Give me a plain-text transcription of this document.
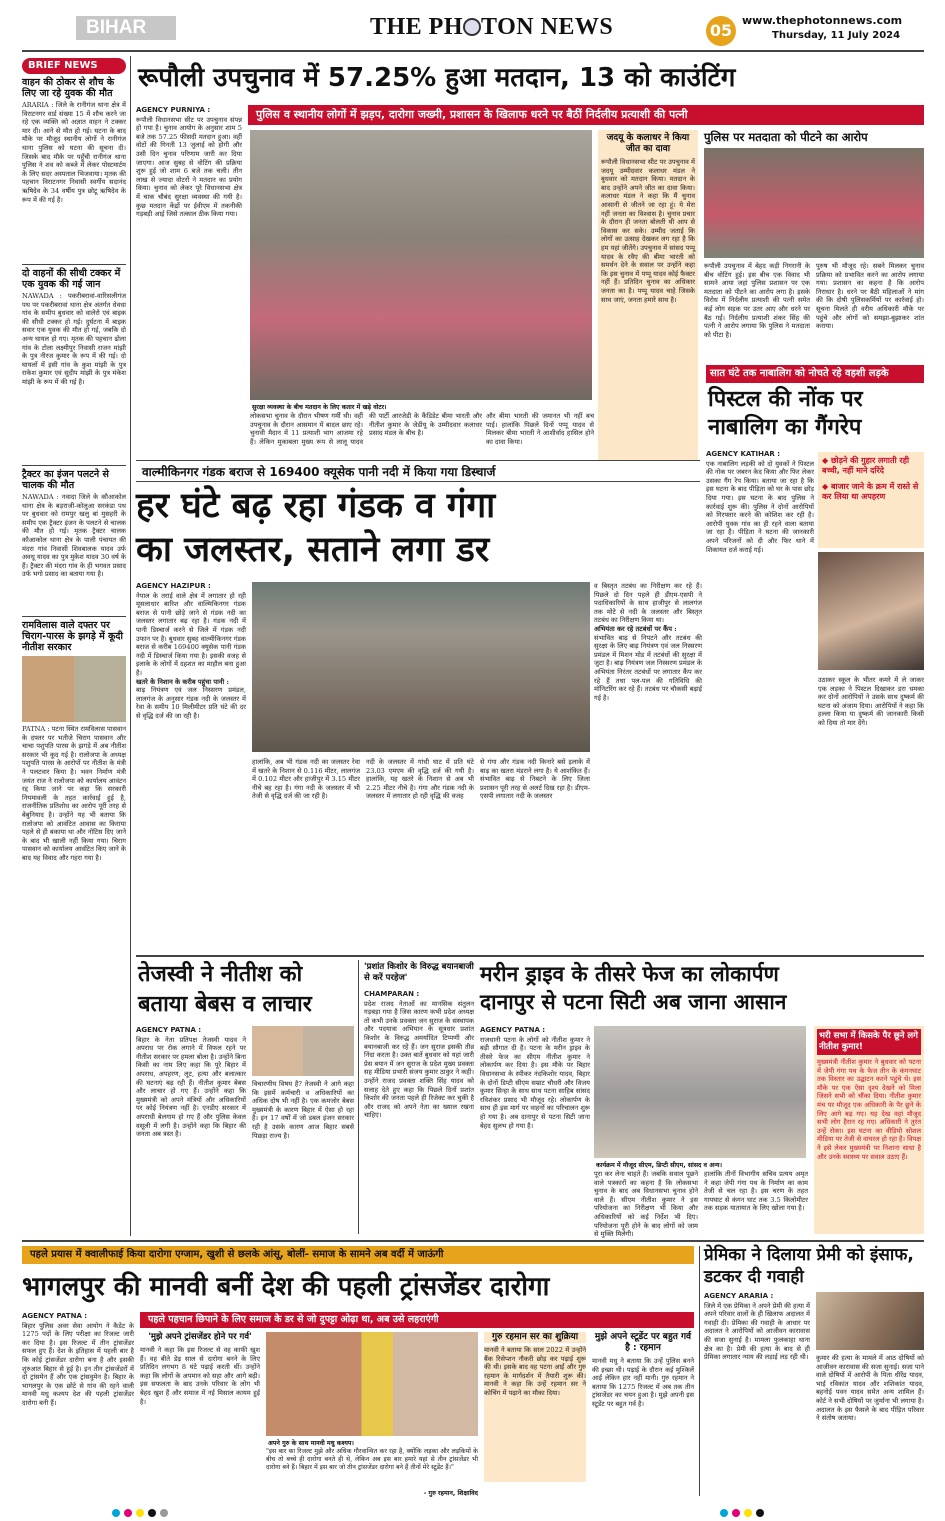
BIHAR	THE PH TON NEWS	05
www.thephotonnews.com
Thursday, 11 July 2024
BRIEF NEWS
वाहन की ठोकर से शौच के लिए जा रहे युवक की मौत
ARARIA : जिले के रानीगंज थाना क्षेत्र में विराटनगर वार्ड संख्या 15 में शौच करने जा रहे एक व्यक्ति को अज्ञात वाहन ने टक्कर मार दी। आने से मौत हो गई। घटना के बाद मौके पर मौजूद स्थानीय लोगों ने रानीगंज थाना पुलिस को घटना की सूचना दी। जिसके बाद मौके पर पहुँची रानीगंज थाना पुलिस ने शव को कब्जे में लेकर पोस्टमार्टम के लिए सदर अस्पताल भिजवाया। मृतक की पहचान विराटनगर निवासी स्वर्गीय सदानंद ऋषिदेव के 34 वर्षीय पुत्र छोटू ऋषिदेव के रूप में की गई है।
दो वाहनों की सीधी टक्कर में एक युवक की गई जान
NAWADA : पकरीबरावां-वारिसलीगंज पथ पर पकरीबरावां थाना क्षेत्र अंतर्गत धेवधा गांव के समीप बुधवार को वालेरो एवं बाइक की सीधी टक्कर हो गई। दुर्घटना में बाइक सवार एक युवक की मौत हो गई, जबकि दो अन्य घायल हो गए। मृतक की पहचान ढोला गांव के टोला लक्ष्मीपुर निवासी राजन मांझी के पुत्र नीरज कुमार के रूप में की गई। दो घायलों में इसी गांव के कुश मांझी के पुत्र राकेश कुमार एवं सुदीप मांझी के पुत्र मंकेश मांझी के रूप में की गई है।
ट्रैक्टर का इंजन पलटने से चालक की मौत
NAWADA : नवादा जिले के कौआकोल थाना क्षेत्र के बड़राजी-कोलुआ सरकंडा पथ पर बुधवार को रामपुर खलु बां मुसहरी के समीप एक ट्रैक्टर इंजन के पलटने से चालक की मौत हो गई। मृतक ट्रैक्टर चालक कौआकोल थाना क्षेत्र के पाली पंचायत की मंदरा गांव निवासी शिवबालक यादव उर्फ अवधू यादव का पुत्र मुकेश यादव 30 वर्ष के हैं। ट्रैक्टर की मंदरा गांव के ही भगवत प्रसाद उर्फ भगो प्रसाद का बताया गया है।
रामविलास वाले दफ्तर पर चिराग-पारस के झगड़े में कूदी नीतीश सरकार
PATNA : पटना स्थित रामविलास पासवान के दफ्तर पर भतीजे चिराग पासवान और चाचा पशुपति पारस के झगड़े में अब नीतीश सरकार भी कूद गई है। रालोजपा के अध्यक्ष पशुपति पारस के आरोपों पर नीतीश के मंत्री ने पलटवार किया है। भवन निर्माण मंत्री जयंत राज ने रालोजपा को कार्यालय आवंटन रद्द किया जाने पर कहा कि सरकारी नियमावली के तहत कार्रवाई हुई है, राजनीतिक प्रतिशोध का आरोप पूरी तरह से बेबुनियाद है। उन्होंने यह भी बताया कि रालोजपा को आवंटित आवास का किराया पहले से ही बकाया था और नोटिस दिए जाने के बाद भी खाली नहीं किया गया। चिराग पासवान को कार्यालय आवंटित किए जाने के बाद यह विवाद और गहरा गया है।
रूपौली उपचुनाव में 57.25% हुआ मतदान, 13 को काउंटिंग
पुलिस व स्थानीय लोगों में झड़प, दारोगा जख्मी, प्रशासन के खिलाफ धरने पर बैठीं निर्दलीय प्रत्याशी की पत्नी
AGENCY PURNIYA :
रूपौली विधानसभा सीट पर उपचुनाव संपन्न हो गया है। चुनाव आयोग के अनुसार शाम 5 बजे तक 57.25 फीसदी मतदान हुआ। वहीं वोटों की गिनती 13 जुलाई को होगी और उसी दिन चुनाव परिणाम जारी कर दिया जाएगा। आज सुबह से वोटिंग की प्रक्रिया शुरू हुई जो शाम 6 बजे तक चली। तीन लाख से ज्यादा वोटरों ने मतदान का प्रयोग किया। चुनाव को लेकर पूरे विधानसभा क्षेत्र में चाक चौबंद सुरक्षा व्यवस्था की गयी है। कुछ मतदान केंद्रों पर ईवीएम में तकनीकी गड़बड़ी आई जिसे तत्काल ठीक किया गया।
सुरक्षा व्यवस्था के बीच मतदान के लिए कतार में खड़े वोटर।
लोकसभा चुनाव के दौरान भीषण गर्मी थी। वहीं उपचुनाव के दौरान आसमान में बादल छाए रहे। चुनावी मैदान में 11 प्रत्याशी भाग आजमा रहे हैं। लेकिन मुकाबला मुख्य रूप से लालू यादव की पार्टी आरजेडी के कैंडिडेट बीमा भारती और नीतीश कुमार के जेडीयू के उम्मीदवार कलाधर प्रसाद मंडल के बीच है।
और बीमा भारती की जमानत भी नहीं बच पाई। हालांकि पिछले दिनों पप्पू यादव से मिलकर बीमा भारती ने आशीर्वाद हासिल होने का दावा किया।
जदयू के कलाधर ने किया जीत का दावा
रूपौली विधानसभा सीट पर उपचुनाव में जदयू उम्मीदवार कलाधर मंडल ने बुधवार को मतदान किया। मतदान के बाद उन्होंने अपने जीत का दावा किया। कलाधर मंडल ने कहा कि मैं चुनाव आसानी से जीतने जा रहा हूं। ये मेरा नहीं जनता का विश्वास है। चुनाव प्रचार के दौरान ही जनता बोलती थी आप से विकास कर सके। उम्मीद जताई कि लोगों का उत्साह देखकर लग रहा है कि हम यहां जीतेंगे। उपचुनाव में सांसद पप्पू यादव के रवैए की बीमा भारती को समर्थन देने के सवाल पर उन्होंने कहा कि इस चुनाव में पप्पू यादव कोई फैक्टर नहीं हैं। प्रतिदिन चुनाव का अधिकार जनता का है। पप्पू यादव चाहे जिसके साथ जाएं, जनता हमारे साथ है।
पुलिस पर मतदाता को पीटने का आरोप
रूपौली उपचुनाव में बेहद कड़ी निगरानी के बीच वोटिंग हुई। इस बीच एक विवाद भी सामने आया जहां पुलिस प्रशासन पर एक मतदाता को पीटने का आरोप लगा है। इसके विरोध में निर्दलीय प्रत्याशी की पत्नी समेत कई लोग सड़क पर उतर आए और धरने पर बैठ गईं। निर्दलीय प्रत्याशी शंकर सिंह की पत्नी ने आरोप लगाया कि पुलिस ने मतदाता को पीटा है।
पुरुष भी मौजूद रहे। सबने मिलकर चुनाव प्रक्रिया को प्रभावित करने का आरोप लगाया गया। प्रशासन का कहना है कि आरोप निराधार है। धरने पर बैठी महिलाओं ने मांग की कि दोषी पुलिसकर्मियों पर कार्रवाई हो। सूचना मिलते ही वरीय अधिकारी मौके पर पहुंचे और लोगों को समझा-बुझाकर शांत कराया।
वाल्मीकिनगर गंडक बराज से 169400 क्यूसेक पानी नदी में किया गया डिस्चार्ज
हर घंटे बढ़ रहा गंडक व गंगा
का जलस्तर, सताने लगा डर
AGENCY HAZIPUR :
नेपाल के तराई वाले क्षेत्र में लगातार हो रही मूसलाधार बारिश और वाल्मिकिनगर गंडक बराज से पानी छोड़े जाने से गंडक नदी का जलस्तर लगातार बढ़ रहा है। गंडक नदी में पानी डिस्चार्ज करने से जिले में गंडक नदी उफान पर है। बुधवार सुबह वाल्मीकिनगर गंडक बराज से करीब 169400 क्यूसेक पानी गंडक नदी में डिस्चार्ज किया गया है। इसकी वजह से इलाके के लोगों में दहशत का माहौल बना हुआ है।
खतरे के निशान के करीब पहुंचा पानी :
बाढ़ नियंत्रण एवं जल निस्सरण प्रमंडल, लालगंज के अनुसार गंडक नदी के जलस्तर में रेवा के समीप 10 मिलीमीटर प्रति घंटे की दर से वृद्धि दर्ज की जा रही है।
हालांकि, अब भी गंडक नदी का जलस्तर रेवा में खतरे के निशान से 0.116 मीटर, लालगंज में 0.102 मीटर और हाजीपुर में 3.15 मीटर नीचे बह रहा है। गंगा नदी के जलस्तर में भी तेजी से वृद्धि दर्ज की जा रही है।
नदी के जलस्तर में गांधी घाट में प्रति घंटे 23.03 एमएम की वृद्धि दर्ज की गयी है। हालांकि, यह खतरे के निशान से अब भी 2.25 मीटर नीचे है। गंगा और गंडक नदी के जलस्तर में लगातार हो रही वृद्धि की वजह
से गंगा और गंडक नदी किनारे बसे इलाके में बाढ़ का खतरा मंडराने लगा है। ये आशंकित हैं। संभावित बाढ़ से निबटने के लिए जिला प्रशासन पूरी तरह से अलर्ट दिख रहा है। डीएम-एसपी लगातार नदी के जलस्तर
व बिस्तृत तटबंध का निरीक्षण कर रहे हैं। पिछले दो दिन पहले ही डीएम-एसपी ने पदाधिकारियों के साथ हाजीपुर से लालगंज तक मोटे से नदी के जलस्तर और बिस्तृत तटबंध का निरीक्षण किया था।
अभियंता कर रहे तटबंधों पर कैंप :
संभावित बाढ़ से निपटने और तटबंध की सुरक्षा के लिए बाढ़ नियंत्रण एवं जल निस्सरण प्रमंडल में मिशन मोड में तटबंधों की सुरक्षा में जुटा है। बाढ़ नियंत्रण जल निस्सरण प्रमंडल के अभियंता निरंतर तटबंधों पर लगातार कैंप कर रहे हैं तथा पल-पल की गतिविधि की मॉनिटरिंग कर रहे हैं। तटबंध पर चौकसी बढ़ाई गई है।
सात घंटे तक नाबालिग को नोचते रहे वहशी लड़के
पिस्टल की नोंक पर नाबालिग का गैंगरेप
AGENCY KATIHAR :
एक नाबालिग लड़की को दो युवकों ने पिस्टल की नोक पर जबरन केद किया और फिर लेकर उसका गैंग रेप किया। बताया जा रहा है कि इस घटना के बाद पीड़िता को घर के पास छोड़ दिया गया। इस घटना के बाद पुलिस ने कार्रवाई शुरू की। पुलिस ने दोनों आरोपियों को गिरफ्तार करने की कोशिश कर रही है। आरोपी युवक गांव का ही रहने वाला बताया जा रहा है। पीड़िता ने घटना की जानकारी अपने परिजनों को दी और फिर थाने में शिकायत दर्ज कराई गई।
◆ छोड़ने की गुहार लगाती रही बच्ची, नहीं माने दरिंदे
◆ बाजार जाने के क्रम में रास्ते से कर लिया था अपहरण
उठाकर स्कूल के भीतर कमरे में ले जाकर एक लड़का ने पिस्टल दिखाकर डरा धमका कर दोनों आरोपियों ने उसके साथ दुष्कर्म की घटना को अंजाम दिया। आरोपियों ने कहा कि हल्ला किया या दुष्कर्म की जानकारी किसी को दिया तो मार देंगे।
तेजस्वी ने नीतीश को
बताया बेबस व लाचार
AGENCY PATNA :
बिहार के नेता प्रतिपक्ष तेजस्वी यादव ने अपराध पर रोक लगाने में विफल रहने पर नीतीश सरकार पर हमला बोला है। उन्होंने बिना किसी का नाम लिए कहा कि पूरे बिहार में अपराध, अपहरण, लूट, हत्या और बलात्कार की घटनाएं बढ़ रही हैं। नीतीश कुमार बेबस और लाचार हो गए हैं। उन्होंने कहा कि मुख्यमंत्री को अपने मंत्रियों और अधिकारियों पर कोई नियंत्रण नहीं है। एनडीए सरकार में अपराधी बेलगाम हो गए हैं और पुलिस केवल वसूली में लगी है। उन्होंने कहा कि बिहार की जनता अब त्रस्त है।
विचारणीय विषय है? तेजस्वी ने आगे कहा कि इसमें कर्मचारी व अधिकारियों का अधिक दोष भी नहीं है। एक कमजोर बेबस मुख्यमंत्री के कारण बिहार में ऐसा हो रहा है। इन 17 वर्षों में जो डबल इंजन सरकार रही है उसके कारण आज बिहार सबसे पिछड़ा राज्य है।
'प्रशांत किशोर के विरुद्ध बयानबाजी से करें परहेज'
CHAMPARAN :
प्रदेश राजद नेताओं का मानसिक संतुलन गड़बड़ा गया है जिस कारण कभी प्रदेश अध्यक्ष तो कभी उनके प्रवक्ता जन सुराज के संस्थापक और पदयात्रा अभियान के सूत्रधार प्रशांत किशोर के विरुद्ध अमर्यादित टिप्पणी और बयानबाजी कर रहे हैं। जन सुराज इसकी तीव्र निंदा करता है। उक्त बातें बुधवार को यहां जारी प्रेस बयान में जन सुराज के प्रदेश मुख्य प्रवक्ता सह मीडिया प्रभारी संजय कुमार ठाकुर ने कही। उन्होंने राजद प्रवक्ता शक्ति सिंह यादव को सलाह देते हुए कहा कि पिछले दिनों प्रशांत किशोर की जनता पहले ही रिजेक्ट कर चुकी है और राजद को अपने नेता का ख्याल रखना चाहिए।
मरीन ड्राइव के तीसरे फेज का लोकार्पण
दानापुर से पटना सिटी अब जाना आसान
AGENCY PATNA :
राजधानी पटना के लोगों को नीतीश कुमार ने बड़ी सौगात दी है। पटना के मरीन ड्राइव के तीसरे फेज का सीएम नीतीश कुमार ने लोकार्पण कर दिया है। इस मौके पर बिहार विधानसभा के स्पीकर नंदकिशोर यादव, बिहार के दोनों डिप्टी सीएम सम्राट चौधरी और विजय कुमार सिन्हा के साथ साथ पटना साहिब सांसद रविशंकर प्रसाद भी मौजूद रहे। लोकार्पण के साथ ही इस मार्ग पर वाहनों का परिचालन शुरू हो गया है। अब दानापुर से पटना सिटी जाना बेहद सुलभ हो गया है।
कार्यक्रम में मौजूद सीएम, डिप्टी सीएम, सांसद व अन्य।
पूरा कर लेना चाहते हैं। जबकि सवाल पूछने वाले पत्रकारों का कहना है कि लोकसभा चुनाव के बाद अब विधानसभा चुनाव होने वाले हैं। सीएम नीतीश कुमार ने इस परियोजना का निरीक्षण भी किया और अधिकारियों को कई निर्देश भी दिए। परियोजना पूरी होने के बाद लोगों को जाम से मुक्ति मिलेगी।
हालांकि तीनों विभागीय सचिव प्रत्यय अमृत ने कहा जेपी गंगा पथ के निर्माण का काम तेजी से चल रहा है। इस चरण के तहत गायघाट से कंगन घाट तक 3.5 किलोमीटर तक सड़क यातायात के लिए खोला गया है।
भरी सभा में किसके पैर छूने लगे नीतीश कुमार!
मुख्यमंत्री नीतीश कुमार ने बुधवार को पटना में जेपी गंगा पथ के फेज तीन के कंगनघाट तक विस्तार का उद्घाटन करने पहुंचे थे। इस मौके पर एक ऐसा दृश्य देखने को मिला जिसने सभी को चौंका दिया। नीतीश कुमार मंच पर मौजूद एक अधिकारी के पैर छूने के लिए आगे बढ़ गए। यह देख वहां मौजूद सभी लोग हैरान रह गए। अधिकारी ने तुरंत उन्हें रोका। इस घटना का वीडियो सोशल मीडिया पर तेजी से वायरल हो रहा है। विपक्ष ने इसे लेकर मुख्यमंत्री पर निशाना साधा है और उनके स्वास्थ्य पर सवाल उठाए हैं।
पहले प्रयास में क्वालीफाई किया दारोगा एग्जाम, खुशी से छलके आंसू, बोलीं- समाज के सामने अब वर्दी में जाऊंगी
भागलपुर की मानवी बनीं देश की पहली ट्रांसजेंडर दारोगा
AGENCY PATNA :
बिहार पुलिस अवर सेवा आयोग ने कैडेट के 1275 पदों के लिए परीक्षा का रिजल्ट जारी कर दिया है। इस रिजल्ट में तीन ट्रांसजेंडर सफल हुए हैं। देश के इतिहास में पहली बार है कि कोई ट्रांसजेंडर दारोगा बना है और इसकी शुरुआत बिहार से हुई है। इन तीन ट्रांसजेंडरों में दो ट्रांसमेन हैं और एक ट्रांसवुमेन है। बिहार के भागलपुर के एक छोटे से गांव की रहने वाली मानवी मधु कश्यप देश की पहली ट्रांसजेंडर दारोगा बनी हैं।
पहले पहचान छिपाने के लिए समाज के डर से जो दुपट्टा ओढ़ा था, अब उसे लहराएंगी
'मुझे अपने ट्रांसजेंडर होने पर गर्व'
मानवी ने कहा कि इस रिजल्ट से वह काफी खुश हैं। वह बीते डेढ़ साल से दारोगा बनने के लिए प्रतिदिन लगभग 8 घंटे पढ़ाई करती थीं। उन्होंने कहा कि लोगों के अपमान को सहा और आगे बढ़ी। इस सफलता के बाद उनके परिवार के लोग भी बेहद खुश हैं और समाज में नई मिसाल कायम हुई है।
अपने गुरु के साथ मानवी मधु कश्यप।
"इस बार का रिजल्ट मुझे और अधिक गौरवान्वित कर रहा है, क्योंकि लड़का और लड़कियों के बीच तो बच्चे ही दारोगा बनते ही थे, लेकिन अब इस बार हमारे यहां से तीन ट्रांसजेंडर भी दारोगा बने हैं। बिहार में इस बार जो तीन ट्रांसजेंडर दारोगा बने हैं तीनों मेरे स्टूडेंट हैं।"
- गुरु रहमान, शिक्षाविद
गुरु रहमान सर का शुक्रिया
मानवी ने बताया कि साल 2022 में उन्होंने बैंक रिसेप्शन नौकरी छोड़ कर पढ़ाई शुरू की थी। इसके बाद वह पटना आईं और गुरु रहमान के मार्गदर्शन में तैयारी शुरू की। मानवी ने कहा कि उन्हें रहमान सर ने कोचिंग में पढ़ाने का मौका दिया।
मुझे अपने स्टूडेंट पर बहुत गर्व है : रहमान
मानवी मधु ने बताया कि उन्हें पुलिस बनने की इच्छा थी। पढ़ाई के दौरान कई मुश्किलें आईं लेकिन हार नहीं मानी। गुरु रहमान ने बताया कि 1275 रिजल्ट में अब तक तीन ट्रांसजेंडर का चयन हुआ है। मुझे अपनी इस स्टूडेंट पर बहुत गर्व है।
प्रेमिका ने दिलाया प्रेमी को इंसाफ, डटकर दी गवाही
AGENCY ARARIA :
जिले में एक प्रेमिका ने अपने प्रेमी की हत्या में अपने परिवार वालों के ही खिलाफ अदालत में गवाही दी। प्रेमिका की गवाही के आधार पर अदालत ने आरोपियों को आजीवन कारावास की सजा सुनाई है। मामला फुलकाहा थाना क्षेत्र का है। प्रेमी की हत्या के बाद से ही प्रेमिका लगातार न्याय की लड़ाई लड़ रही थी। कुमार की हत्या के मामले में आठ दोषियों को आजीवन कारावास की सजा सुनाई। सजा पाने वाले दोषियों में आरोपी के पिता धीरेंद्र यादव, भाई रविकांत यादव और शशिकांत यादव, बहनोई पवन यादव समेत अन्य शामिल हैं। कोर्ट ने सभी दोषियों पर जुर्माना भी लगाया है। अदालत के इस फैसले के बाद पीड़ित परिवार ने संतोष जताया।
